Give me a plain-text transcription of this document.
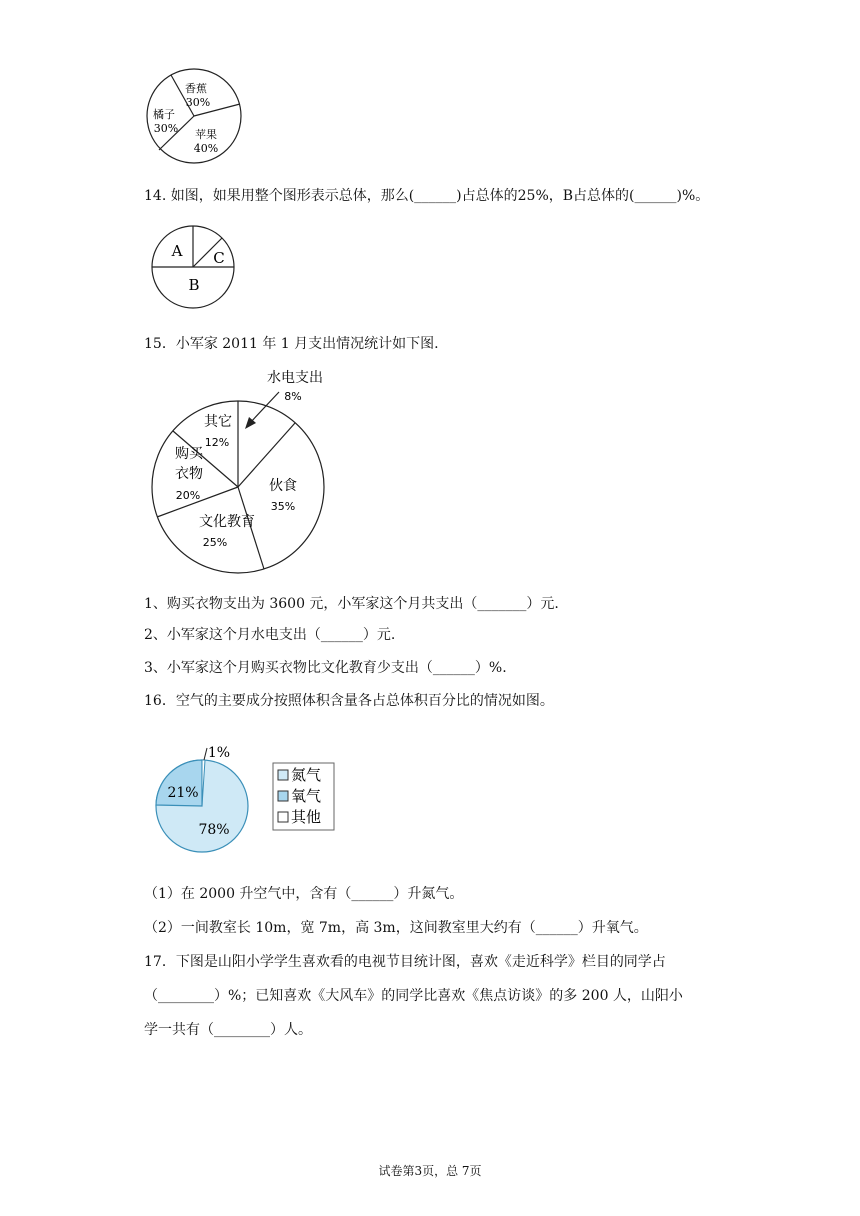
香蕉
30%
橘子
30% 苹果
40%
14. 如图，如果用整个图形表示总体，那么(______)占总体的25%，B占总体的(______)%。
A C
B
15．小军家 2011 年 1 月支出情况统计如下图.
水电支出
8%
其它
12%
购买
衣物
20%
伙食
35%
文化教育
25%
1、购买衣物支出为 3600 元，小军家这个月共支出（_______）元.
2、小军家这个月水电支出（______）元.
3、小军家这个月购买衣物比文化教育少支出（______）%.
16．空气的主要成分按照体积含量各占总体积百分比的情况如图。
1%
21%
78%
氮气
氧气
其他
（1）在 2000 升空气中，含有（______）升氮气。
（2）一间教室长 10m，宽 7m，高 3m，这间教室里大约有（______）升氧气。
17．下图是山阳小学学生喜欢看的电视节目统计图，喜欢《走近科学》栏目的同学占
（________）%；已知喜欢《大风车》的同学比喜欢《焦点访谈》的多 200 人，山阳小
学一共有（________）人。
试卷第3页，总 7页
